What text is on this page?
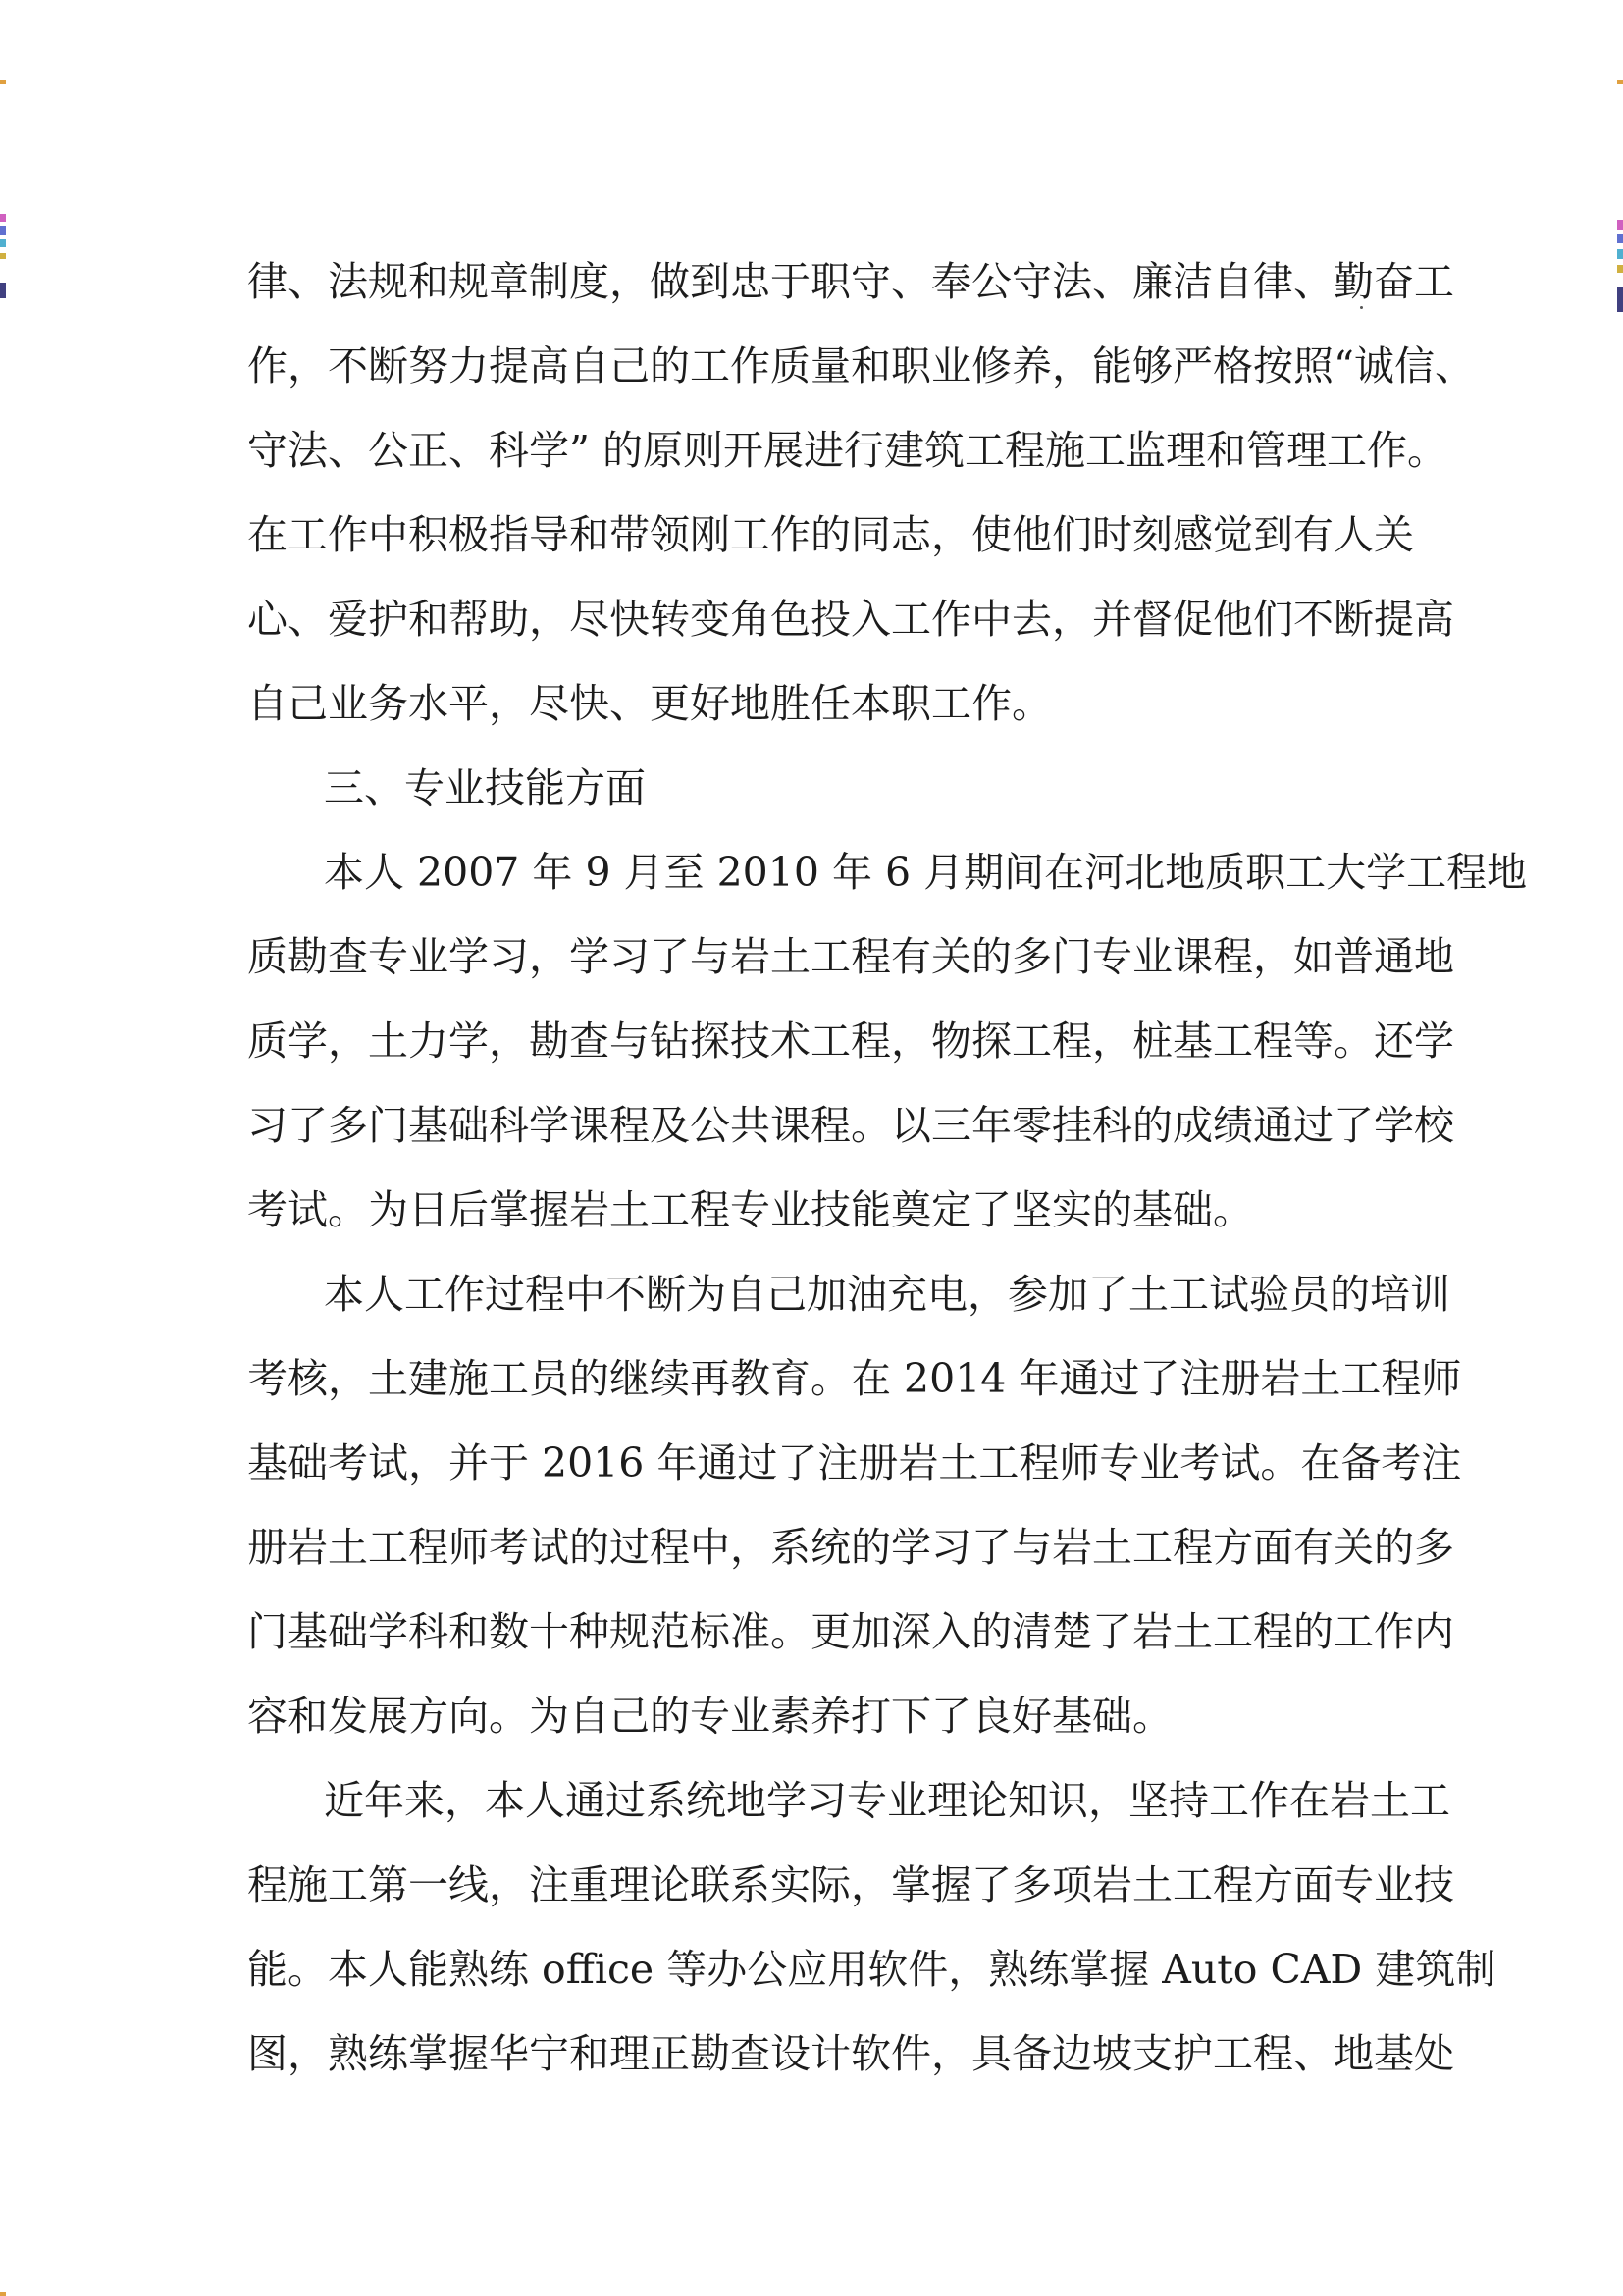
律、法规和规章制度，做到忠于职守、奉公守法、廉洁自律、勤奋工
作，不断努力提高自己的工作质量和职业修养，能够严格按照“诚信、
守法、公正、科学” 的原则开展进行建筑工程施工监理和管理工作。
在工作中积极指导和带领刚工作的同志，使他们时刻感觉到有人关
心、爱护和帮助，尽快转变角色投入工作中去，并督促他们不断提高
自己业务水平，尽快、更好地胜任本职工作。
三、专业技能方面
本人 2007 年 9 月至 2010 年 6 月期间在河北地质职工大学工程地
质勘查专业学习，学习了与岩土工程有关的多门专业课程，如普通地
质学，土力学，勘查与钻探技术工程，物探工程，桩基工程等。还学
习了多门基础科学课程及公共课程。以三年零挂科的成绩通过了学校
考试。为日后掌握岩土工程专业技能奠定了坚实的基础。
本人工作过程中不断为自己加油充电，参加了土工试验员的培训
考核，土建施工员的继续再教育。在 2014 年通过了注册岩土工程师
基础考试，并于 2016 年通过了注册岩土工程师专业考试。在备考注
册岩土工程师考试的过程中，系统的学习了与岩土工程方面有关的多
门基础学科和数十种规范标准。更加深入的清楚了岩土工程的工作内
容和发展方向。为自己的专业素养打下了良好基础。
近年来，本人通过系统地学习专业理论知识，坚持工作在岩土工
程施工第一线，注重理论联系实际，掌握了多项岩土工程方面专业技
能。本人能熟练 office 等办公应用软件，熟练掌握 Auto CAD 建筑制
图，熟练掌握华宁和理正勘查设计软件，具备边坡支护工程、地基处
